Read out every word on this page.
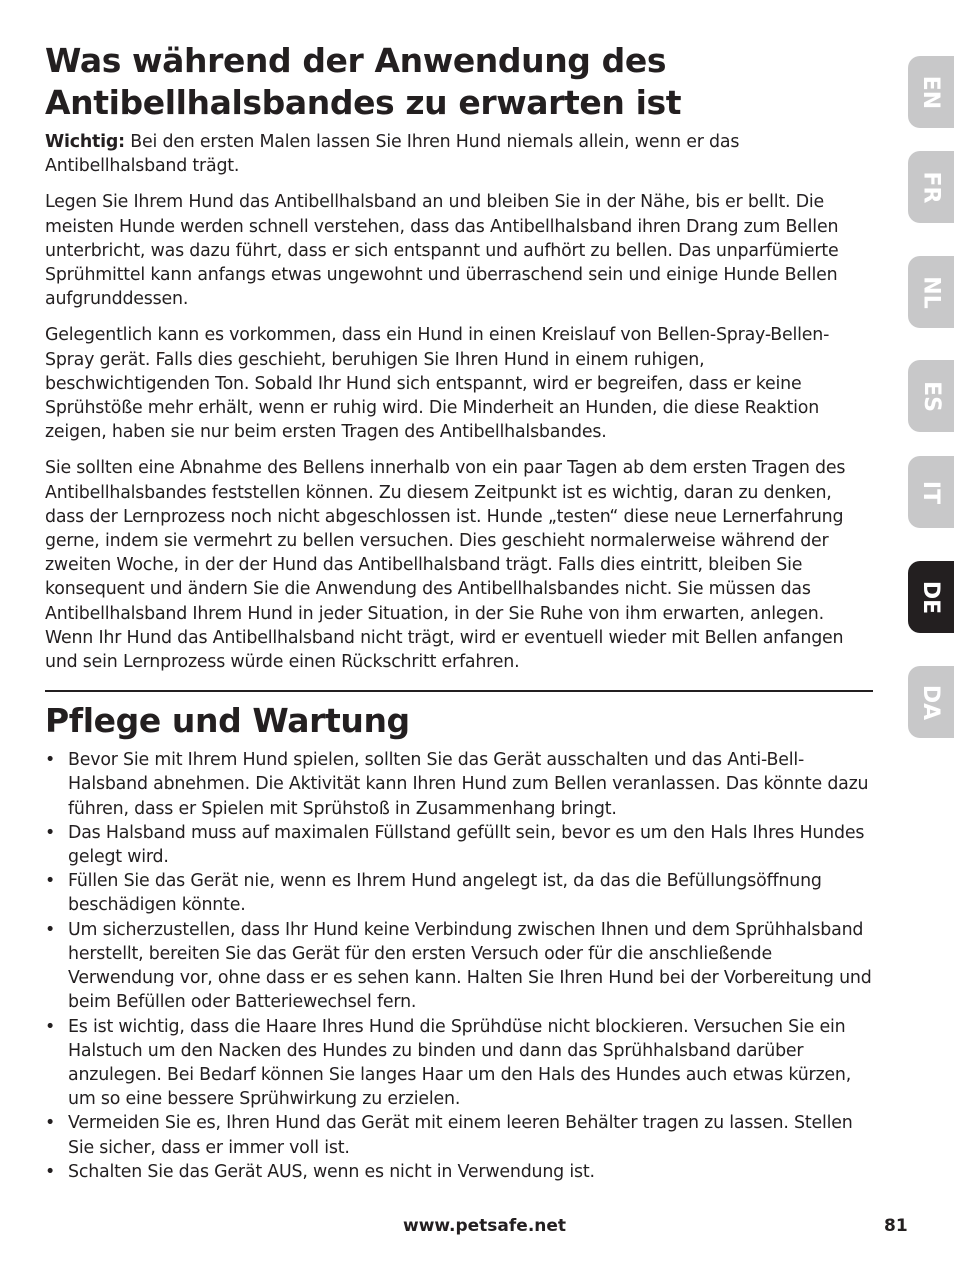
Was während der Anwendung des
Antibellhalsbandes zu erwarten ist

Wichtig: Bei den ersten Malen lassen Sie Ihren Hund niemals allein, wenn er das Antibellhalsband trägt.

Legen Sie Ihrem Hund das Antibellhalsband an und bleiben Sie in der Nähe, bis er bellt. Die meisten Hunde werden schnell verstehen, dass das Antibellhalsband ihren Drang zum Bellen unterbricht, was dazu führt, dass er sich entspannt und aufhört zu bellen. Das unparfümierte Sprühmittel kann anfangs etwas ungewohnt und überraschend sein und einige Hunde Bellen aufgrunddessen.

Gelegentlich kann es vorkommen, dass ein Hund in einen Kreislauf von Bellen-Spray-Bellen-Spray gerät. Falls dies geschieht, beruhigen Sie Ihren Hund in einem ruhigen, beschwichtigenden Ton. Sobald Ihr Hund sich entspannt, wird er begreifen, dass er keine Sprühstöße mehr erhält, wenn er ruhig wird. Die Minderheit an Hunden, die diese Reaktion zeigen, haben sie nur beim ersten Tragen des Antibellhalsbandes.

Sie sollten eine Abnahme des Bellens innerhalb von ein paar Tagen ab dem ersten Tragen des Antibellhalsbandes feststellen können. Zu diesem Zeitpunkt ist es wichtig, daran zu denken, dass der Lernprozess noch nicht abgeschlossen ist. Hunde „testen“ diese neue Lernerfahrung gerne, indem sie vermehrt zu bellen versuchen. Dies geschieht normalerweise während der zweiten Woche, in der der Hund das Antibellhalsband trägt. Falls dies eintritt, bleiben Sie konsequent und ändern Sie die Anwendung des Antibellhalsbandes nicht. Sie müssen das Antibellhalsband Ihrem Hund in jeder Situation, in der Sie Ruhe von ihm erwarten, anlegen. Wenn Ihr Hund das Antibellhalsband nicht trägt, wird er eventuell wieder mit Bellen anfangen und sein Lernprozess würde einen Rückschritt erfahren.

Pflege und Wartung
• Bevor Sie mit Ihrem Hund spielen, sollten Sie das Gerät ausschalten und das Anti-Bell-Halsband abnehmen. Die Aktivität kann Ihren Hund zum Bellen veranlassen. Das könnte dazu führen, dass er Spielen mit Sprühstoß in Zusammenhang bringt.
• Das Halsband muss auf maximalen Füllstand gefüllt sein, bevor es um den Hals Ihres Hundes gelegt wird.
• Füllen Sie das Gerät nie, wenn es Ihrem Hund angelegt ist, da das die Befüllungsöffnung beschädigen könnte.
• Um sicherzustellen, dass Ihr Hund keine Verbindung zwischen Ihnen und dem Sprühhalsband herstellt, bereiten Sie das Gerät für den ersten Versuch oder für die anschließende Verwendung vor, ohne dass er es sehen kann. Halten Sie Ihren Hund bei der Vorbereitung und beim Befüllen oder Batteriewechsel fern.
• Es ist wichtig, dass die Haare Ihres Hund die Sprühdüse nicht blockieren. Versuchen Sie ein Halstuch um den Nacken des Hundes zu binden und dann das Sprühhalsband darüber anzulegen. Bei Bedarf können Sie langes Haar um den Hals des Hundes auch etwas kürzen, um so eine bessere Sprühwirkung zu erzielen.
• Vermeiden Sie es, Ihren Hund das Gerät mit einem leeren Behälter tragen zu lassen. Stellen Sie sicher, dass er immer voll ist.
• Schalten Sie das Gerät AUS, wenn es nicht in Verwendung ist.
EN
FR
NL
ES
IT
DE
DA
www.petsafe.net	81
